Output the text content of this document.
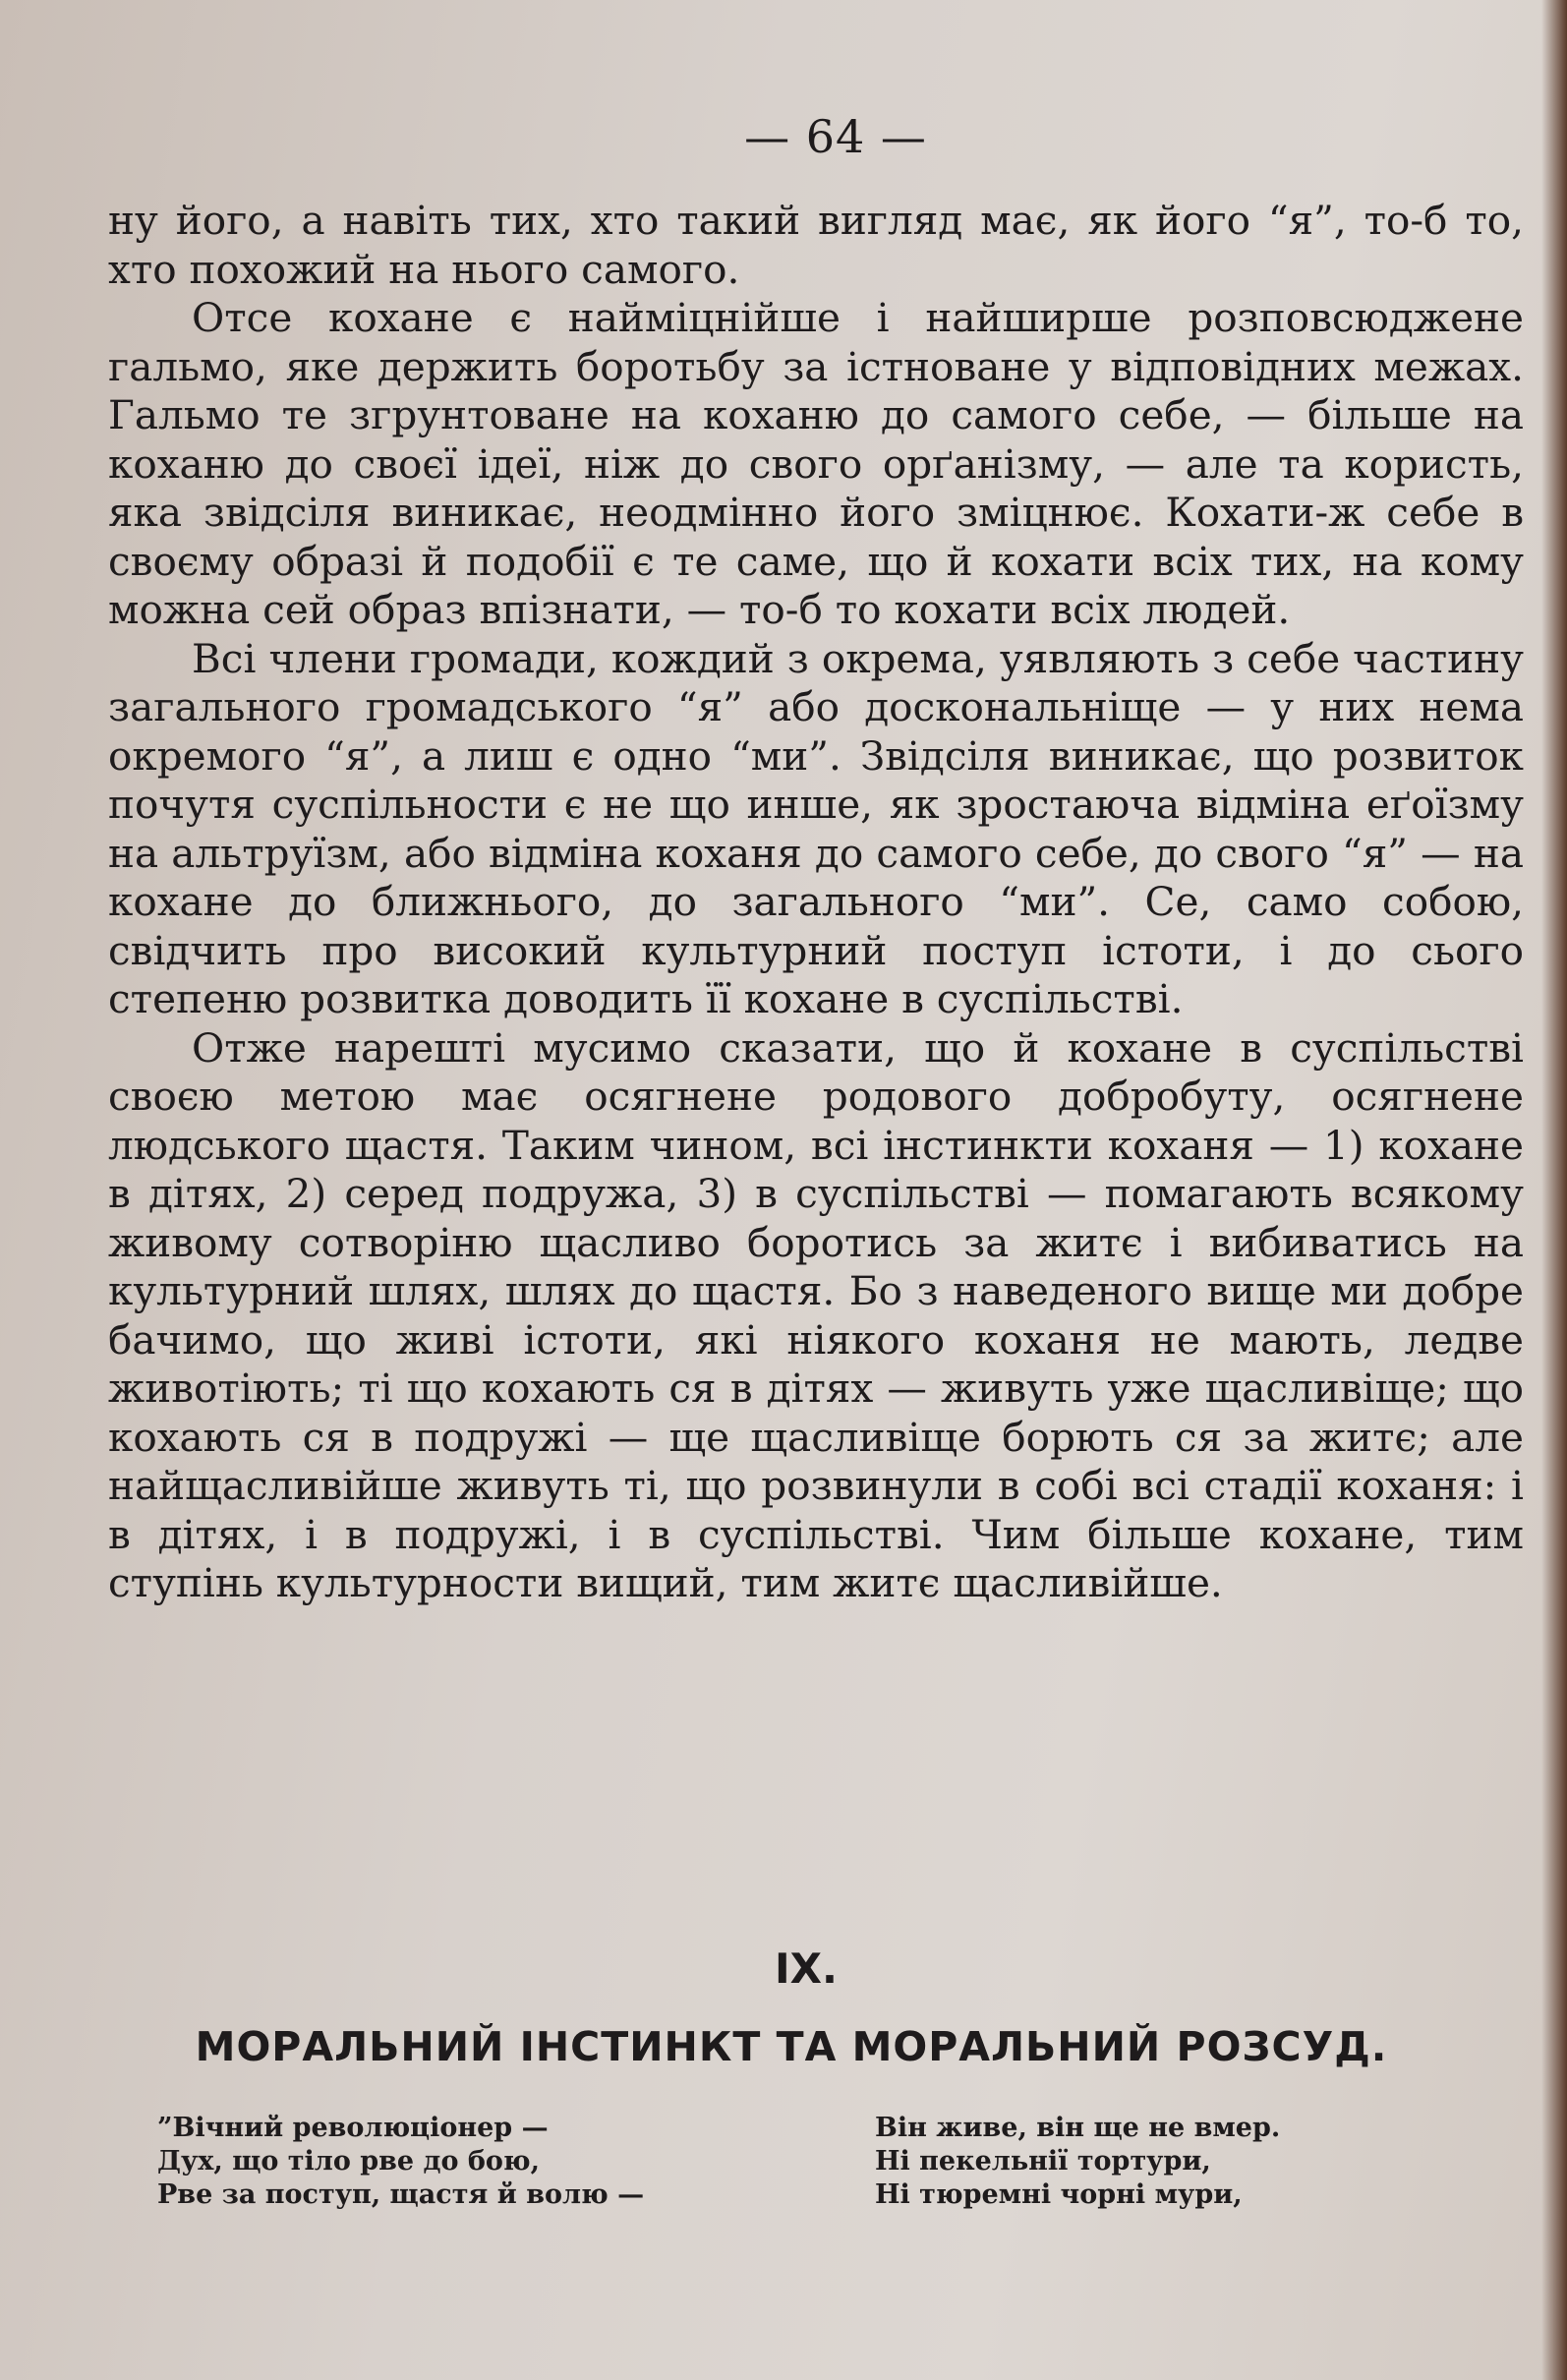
— 64 —

ну його, а навіть тих, хто такий вигляд має, як його “я”, то-б то, хто похожий на нього самого.

Отсе кохане є найміцнійше і найширше розповсюджене гальмо, яке держить боротьбу за істноване у відповідних межах. Гальмо те згрунтоване на коханю до самого себе, — більше на коханю до своєї ідеї, ніж до свого орґанізму, — але та користь, яка звідсіля виникає, неодмінно його зміцнює. Кохати-ж себе в своєму образі й подобії є те саме, що й кохати всіх тих, на кому можна сей образ впізнати, — то-б то кохати всіх людей.

Всі члени громади, кождий з окрема, уявляють з себе частину загального громадського “я” або доскональніще — у них нема окремого “я”, а лиш є одно “ми”. Звідсіля виникає, що розвиток почутя суспільности є не що инше, як зростаюча відміна еґоїзму на альтруїзм, або відміна коханя до самого себе, до свого “я” — на кохане до ближнього, до загального “ми”. Се, само собою, свідчить про високий культурний поступ істоти, і до сього степеню розвитка доводить її кохане в суспільстві.

Отже нарешті мусимо сказати, що й кохане в суспільстві своєю метою має осягнене родового добробуту, осягнене людського щастя. Таким чином, всі інстинкти коханя — 1) кохане в дітях, 2) серед подружа, 3) в суспільстві — помагають всякому живому сотворіню щасливо боротись за житє і вибиватись на культурний шлях, шлях до щастя. Бо з наведеного вище ми добре бачимо, що живі істоти, які ніякого коханя не мають, ледве животіють; ті що кохають ся в дітях — живуть уже щасливіще; що кохають ся в подружі — ще щасливіще борють ся за житє; але найщасливійше живуть ті, що розвинули в собі всі стадії коханя: і в дітях, і в подружі, і в суспільстві. Чим більше кохане, тим ступінь культурности вищий, тим житє щасливійше.

IX.
МОРАЛЬНИЙ ІНСТИНКТ ТА МОРАЛЬНИЙ РОЗСУД.
”Вічний революціонер —
Дух, що тіло рве до бою,
Рве за поступ, щастя й волю —
Він живе, він ще не вмер.
Ні пекельнії тортури,
Ні тюремні чорні мури,
